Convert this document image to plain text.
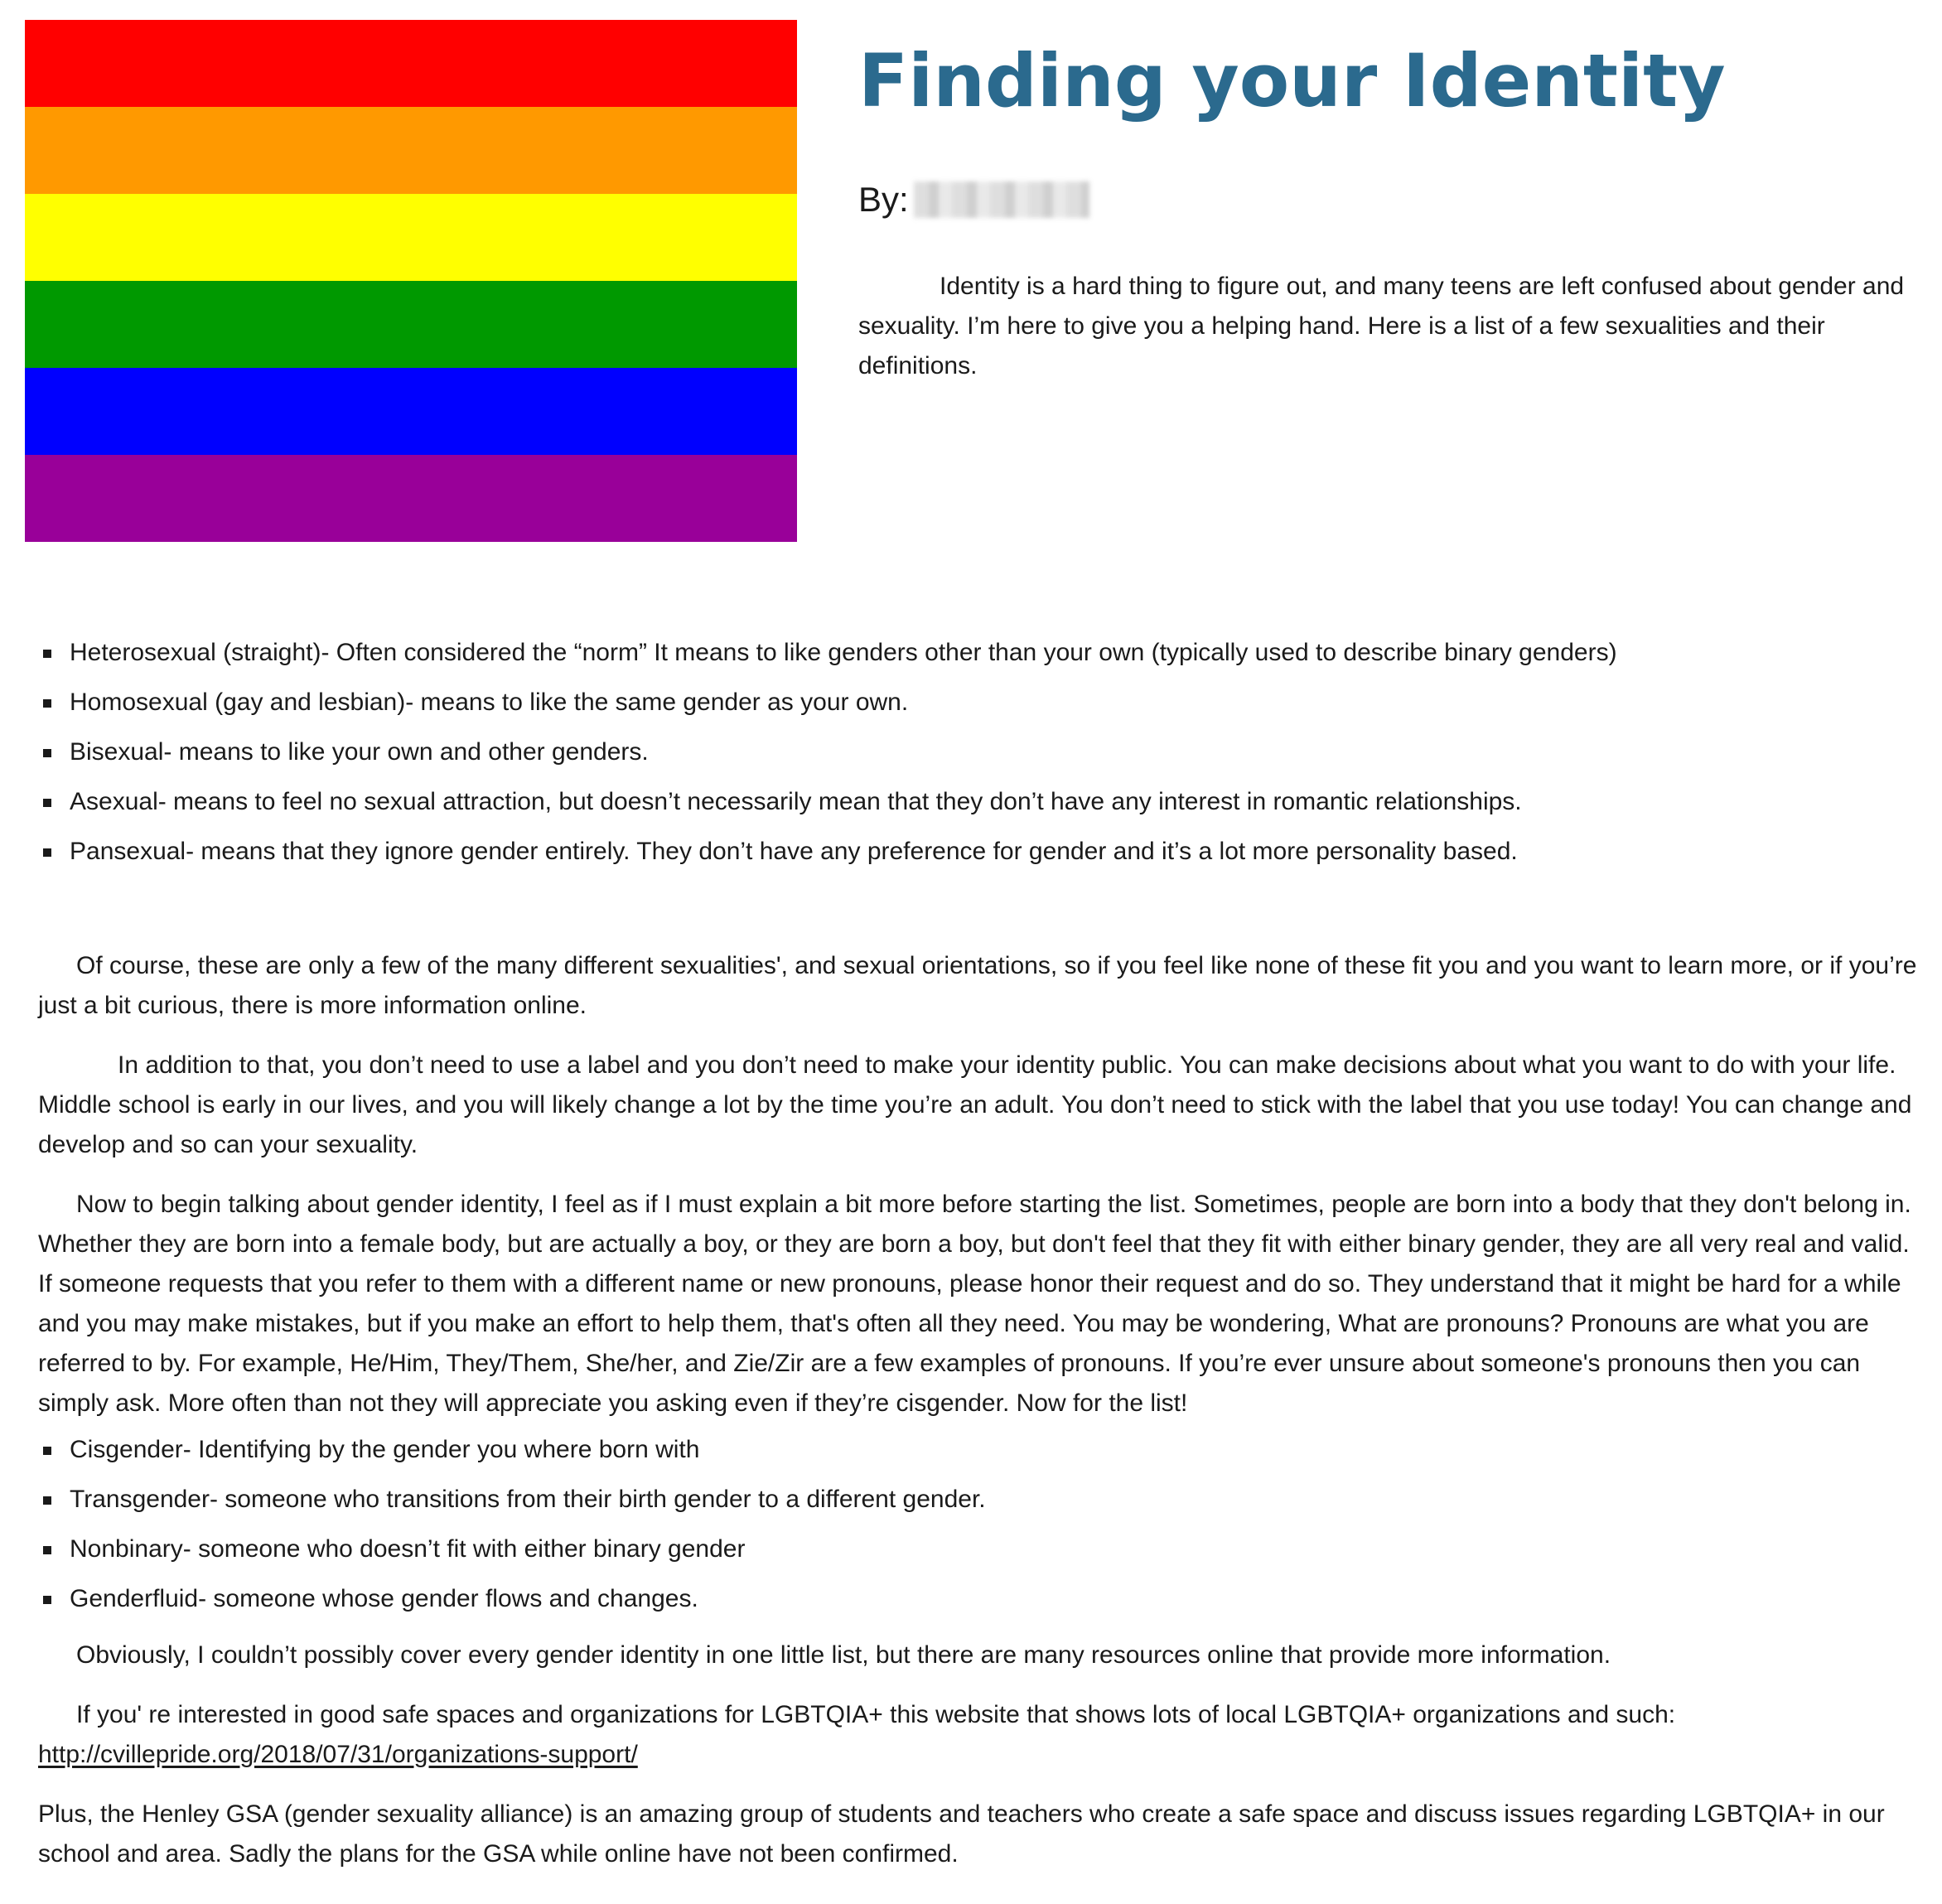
Finding your Identity
By:

Identity is a hard thing to figure out, and many teens are left confused about gender and sexuality. I’m here to give you a helping hand. Here is a list of a few sexualities and their definitions.

Heterosexual (straight)- Often considered the “norm” It means to like genders other than your own (typically used to describe binary genders)
Homosexual (gay and lesbian)- means to like the same gender as your own.
Bisexual- means to like your own and other genders.
Asexual- means to feel no sexual attraction, but doesn’t necessarily mean that they don’t have any interest in romantic relationships.
Pansexual- means that they ignore gender entirely. They don’t have any preference for gender and it’s a lot more personality based.

Of course, these are only a few of the many different sexualities', and sexual orientations, so if you feel like none of these fit you and you want to learn more, or if you’re just a bit curious, there is more information online.

In addition to that, you don’t need to use a label and you don’t need to make your identity public. You can make decisions about what you want to do with your life. Middle school is early in our lives, and you will likely change a lot by the time you’re an adult. You don’t need to stick with the label that you use today! You can change and develop and so can your sexuality.

Now to begin talking about gender identity, I feel as if I must explain a bit more before starting the list. Sometimes, people are born into a body that they don't belong in. Whether they are born into a female body, but are actually a boy, or they are born a boy, but don't feel that they fit with either binary gender, they are all very real and valid. If someone requests that you refer to them with a different name or new pronouns, please honor their request and do so. They understand that it might be hard for a while and you may make mistakes, but if you make an effort to help them, that's often all they need. You may be wondering, What are pronouns? Pronouns are what you are referred to by. For example, He/Him, They/Them, She/her, and Zie/Zir are a few examples of pronouns. If you’re ever unsure about someone's pronouns then you can simply ask. More often than not they will appreciate you asking even if they’re cisgender. Now for the list!

Cisgender- Identifying by the gender you where born with
Transgender- someone who transitions from their birth gender to a different gender.
Nonbinary- someone who doesn’t fit with either binary gender
Genderfluid- someone whose gender flows and changes.

Obviously, I couldn’t possibly cover every gender identity in one little list, but there are many resources online that provide more information.

If you' re interested in good safe spaces and organizations for LGBTQIA+ this website that shows lots of local LGBTQIA+ organizations and such:
http://cvillepride.org/2018/07/31/organizations-support/

Plus, the Henley GSA (gender sexuality alliance) is an amazing group of students and teachers who create a safe space and discuss issues regarding LGBTQIA+ in our school and area. Sadly the plans for the GSA while online have not been confirmed.
